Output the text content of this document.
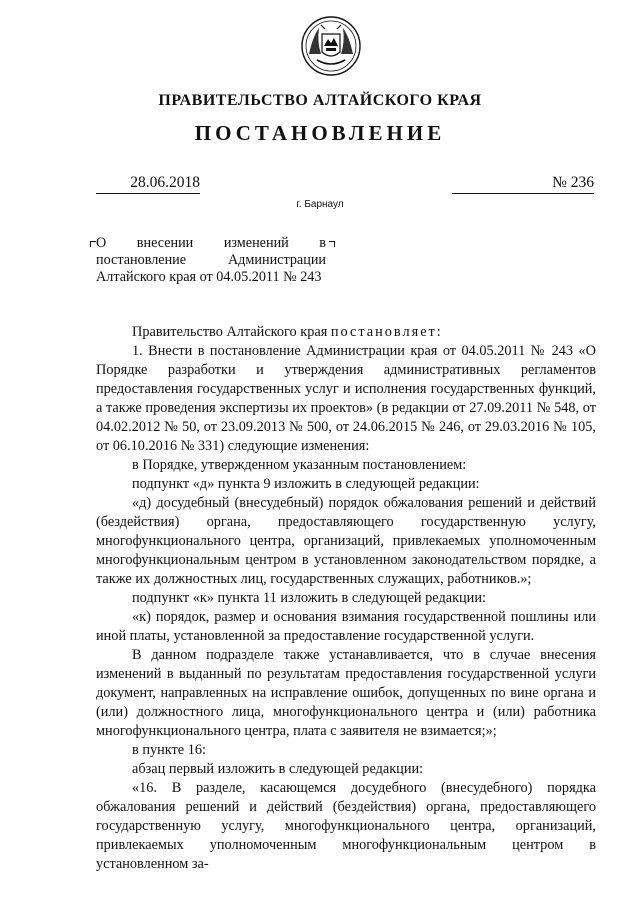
ПРАВИТЕЛЬСТВО АЛТАЙСКОГО КРАЯ
ПОСТАНОВЛЕНИЕ
28.06.2018	№ 236
г. Барнаул
О внесении изменений в постановление Администрации Алтайского края от 04.05.2011 № 243

Правительство Алтайского края постановляет:

1. Внести в постановление Администрации края от 04.05.2011 № 243 «О Порядке разработки и утверждения административных регламентов предоставления государственных услуг и исполнения государственных функций, а также проведения экспертизы их проектов» (в редакции от 27.09.2011 № 548, от 04.02.2012 № 50, от 23.09.2013 № 500, от 24.06.2015 № 246, от 29.03.2016 № 105, от 06.10.2016 № 331) следующие изменения:

в Порядке, утвержденном указанным постановлением:

подпункт «д» пункта 9 изложить в следующей редакции:

«д) досудебный (внесудебный) порядок обжалования решений и действий (бездействия) органа, предоставляющего государственную услугу, многофункционального центра, организаций, привлекаемых уполномоченным многофункциональным центром в установленном законодательством порядке, а также их должностных лиц, государственных служащих, работников.»;

подпункт «к» пункта 11 изложить в следующей редакции:

«к) порядок, размер и основания взимания государственной пошлины или иной платы, установленной за предоставление государственной услуги.

В данном подразделе также устанавливается, что в случае внесения изменений в выданный по результатам предоставления государственной услуги документ, направленных на исправление ошибок, допущенных по вине органа и (или) должностного лица, многофункционального центра и (или) работника многофункционального центра, плата с заявителя не взимается;»;

в пункте 16:

абзац первый изложить в следующей редакции:

«16. В разделе, касающемся досудебного (внесудебного) порядка обжалования решений и действий (бездействия) органа, предоставляющего государственную услугу, многофункционального центра, организаций, привлекаемых уполномоченным многофункциональным центром в установленном за-
